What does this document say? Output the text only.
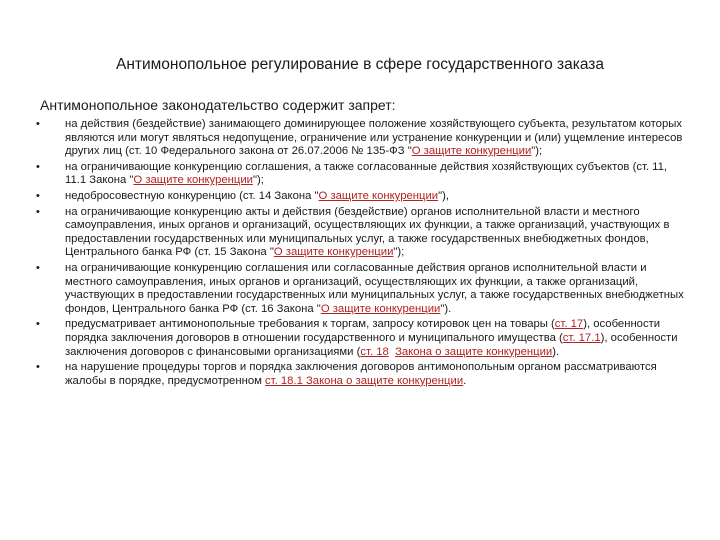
Антимонопольное регулирование в сфере государственного заказа
Антимонопольное законодательство содержит запрет:
• на действия (бездействие) занимающего доминирующее положение хозяйствующего субъекта, результатом которых являются или могут являться недопущение, ограничение или устранение конкуренции и (или) ущемление интересов других лиц (ст. 10 Федерального закона от 26.07.2006 № 135-ФЗ "О защите конкуренции");
• на ограничивающие конкуренцию соглашения, а также согласованные действия хозяйствующих субъектов (ст. 11, 11.1 Закона "О защите конкуренции");
• недобросовестную конкуренцию (ст. 14 Закона "О защите конкуренции"),
• на ограничивающие конкуренцию акты и действия (бездействие) органов исполнительной власти и местного самоуправления, иных органов и организаций, осуществляющих их функции, а также организаций, участвующих в предоставлении государственных или муниципальных услуг, а также государственных внебюджетных фондов, Центрального банка РФ (ст. 15 Закона "О защите конкуренции");
• на ограничивающие конкуренцию соглашения или согласованные действия органов исполнительной власти и местного самоуправления, иных органов и организаций, осуществляющих их функции, а также организаций, участвующих в предоставлении государственных или муниципальных услуг, а также государственных внебюджетных фондов, Центрального банка РФ (ст. 16 Закона "О защите конкуренции").
• предусматривает антимонопольные требования к торгам, запросу котировок цен на товары (ст. 17), особенности порядка заключения договоров в отношении государственного и муниципального имущества (ст. 17.1), особенности заключения договоров с финансовыми организациями (ст. 18 Закона о защите конкуренции).
• на нарушение процедуры торгов и порядка заключения договоров антимонопольным органом рассматриваются жалобы в порядке, предусмотренном ст. 18.1 Закона о защите конкуренции.
